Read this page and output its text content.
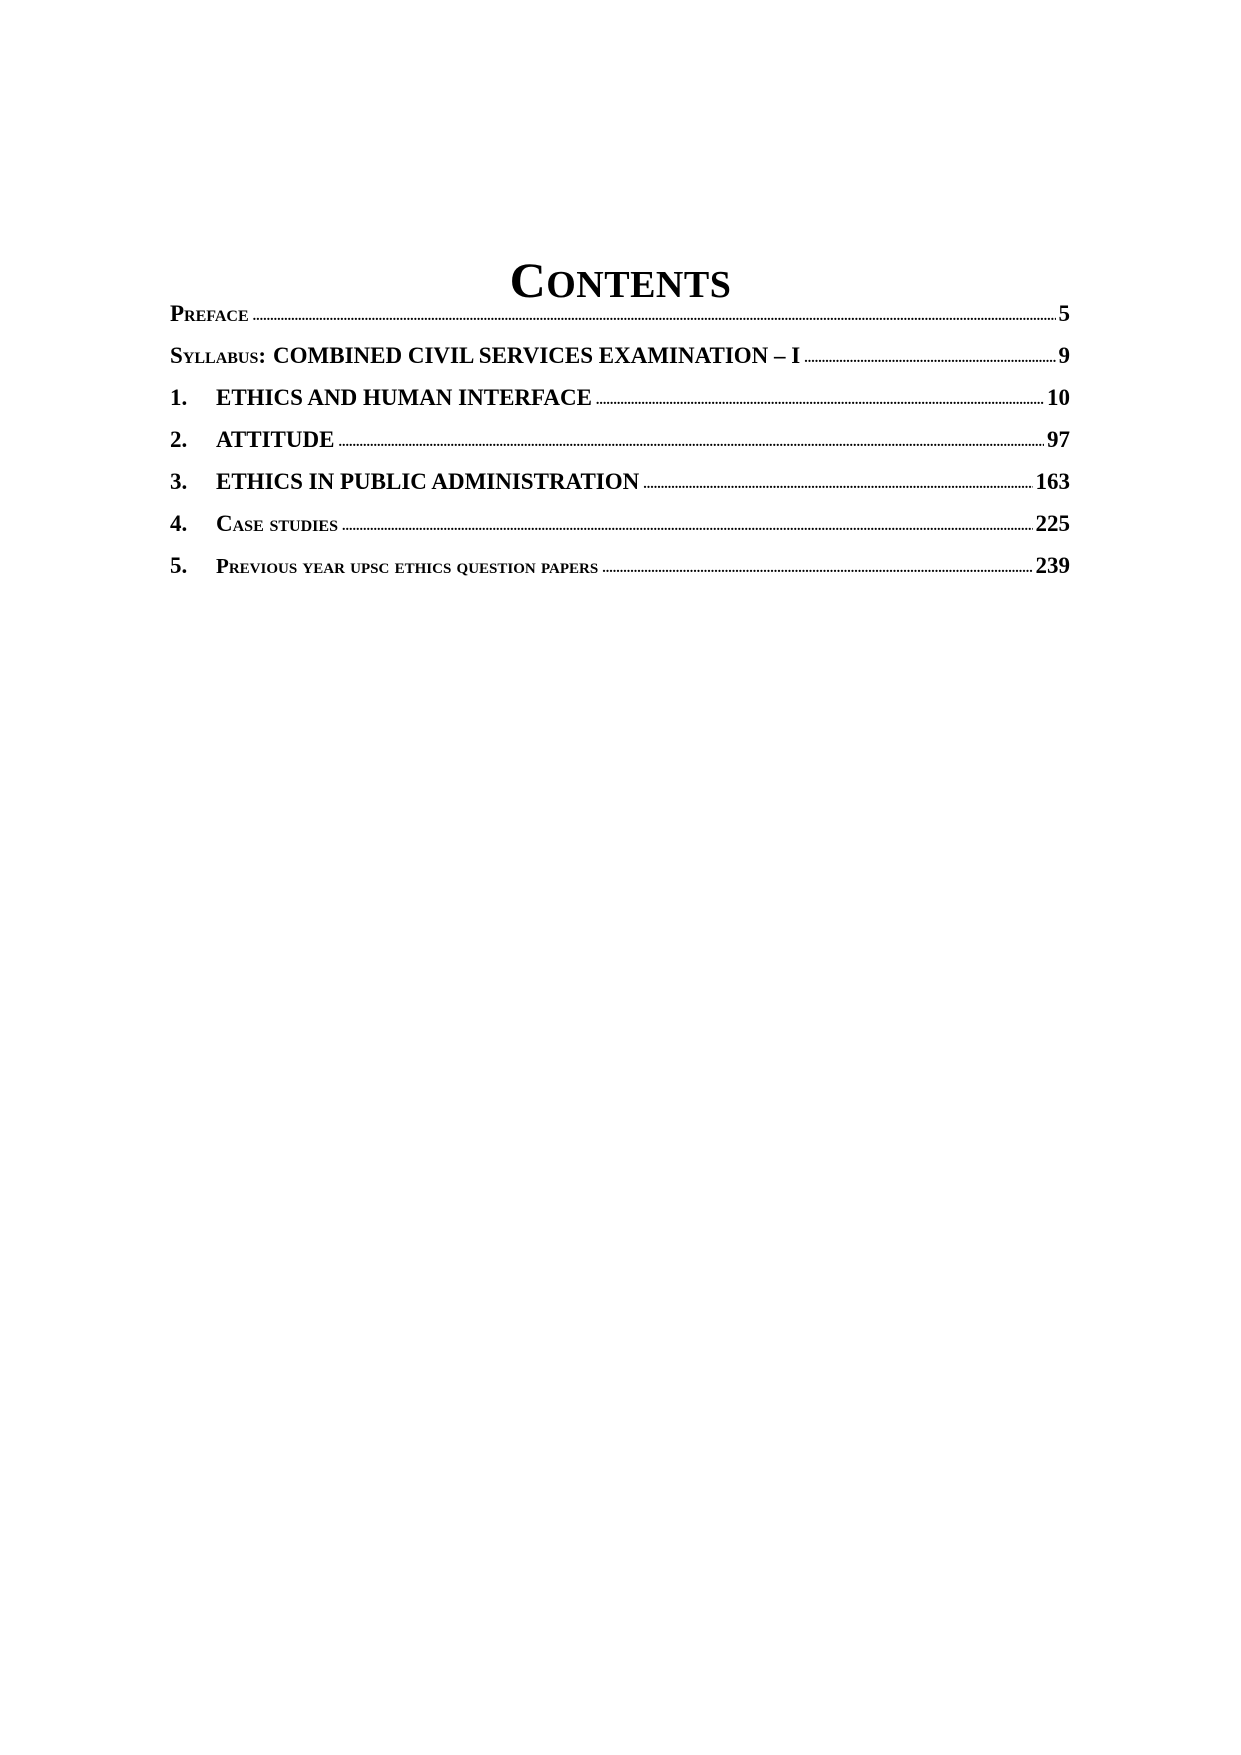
CONTENTS
Preface .....	5
Syllabus: COMBINED CIVIL SERVICES EXAMINATION – I .....	9
1.	ETHICS AND HUMAN INTERFACE .....	10
2.	ATTITUDE .....	97
3.	ETHICS IN PUBLIC ADMINISTRATION .....	163
4.	Case studies .....	225
5.	Previous year upsc ethics question papers .....	239
